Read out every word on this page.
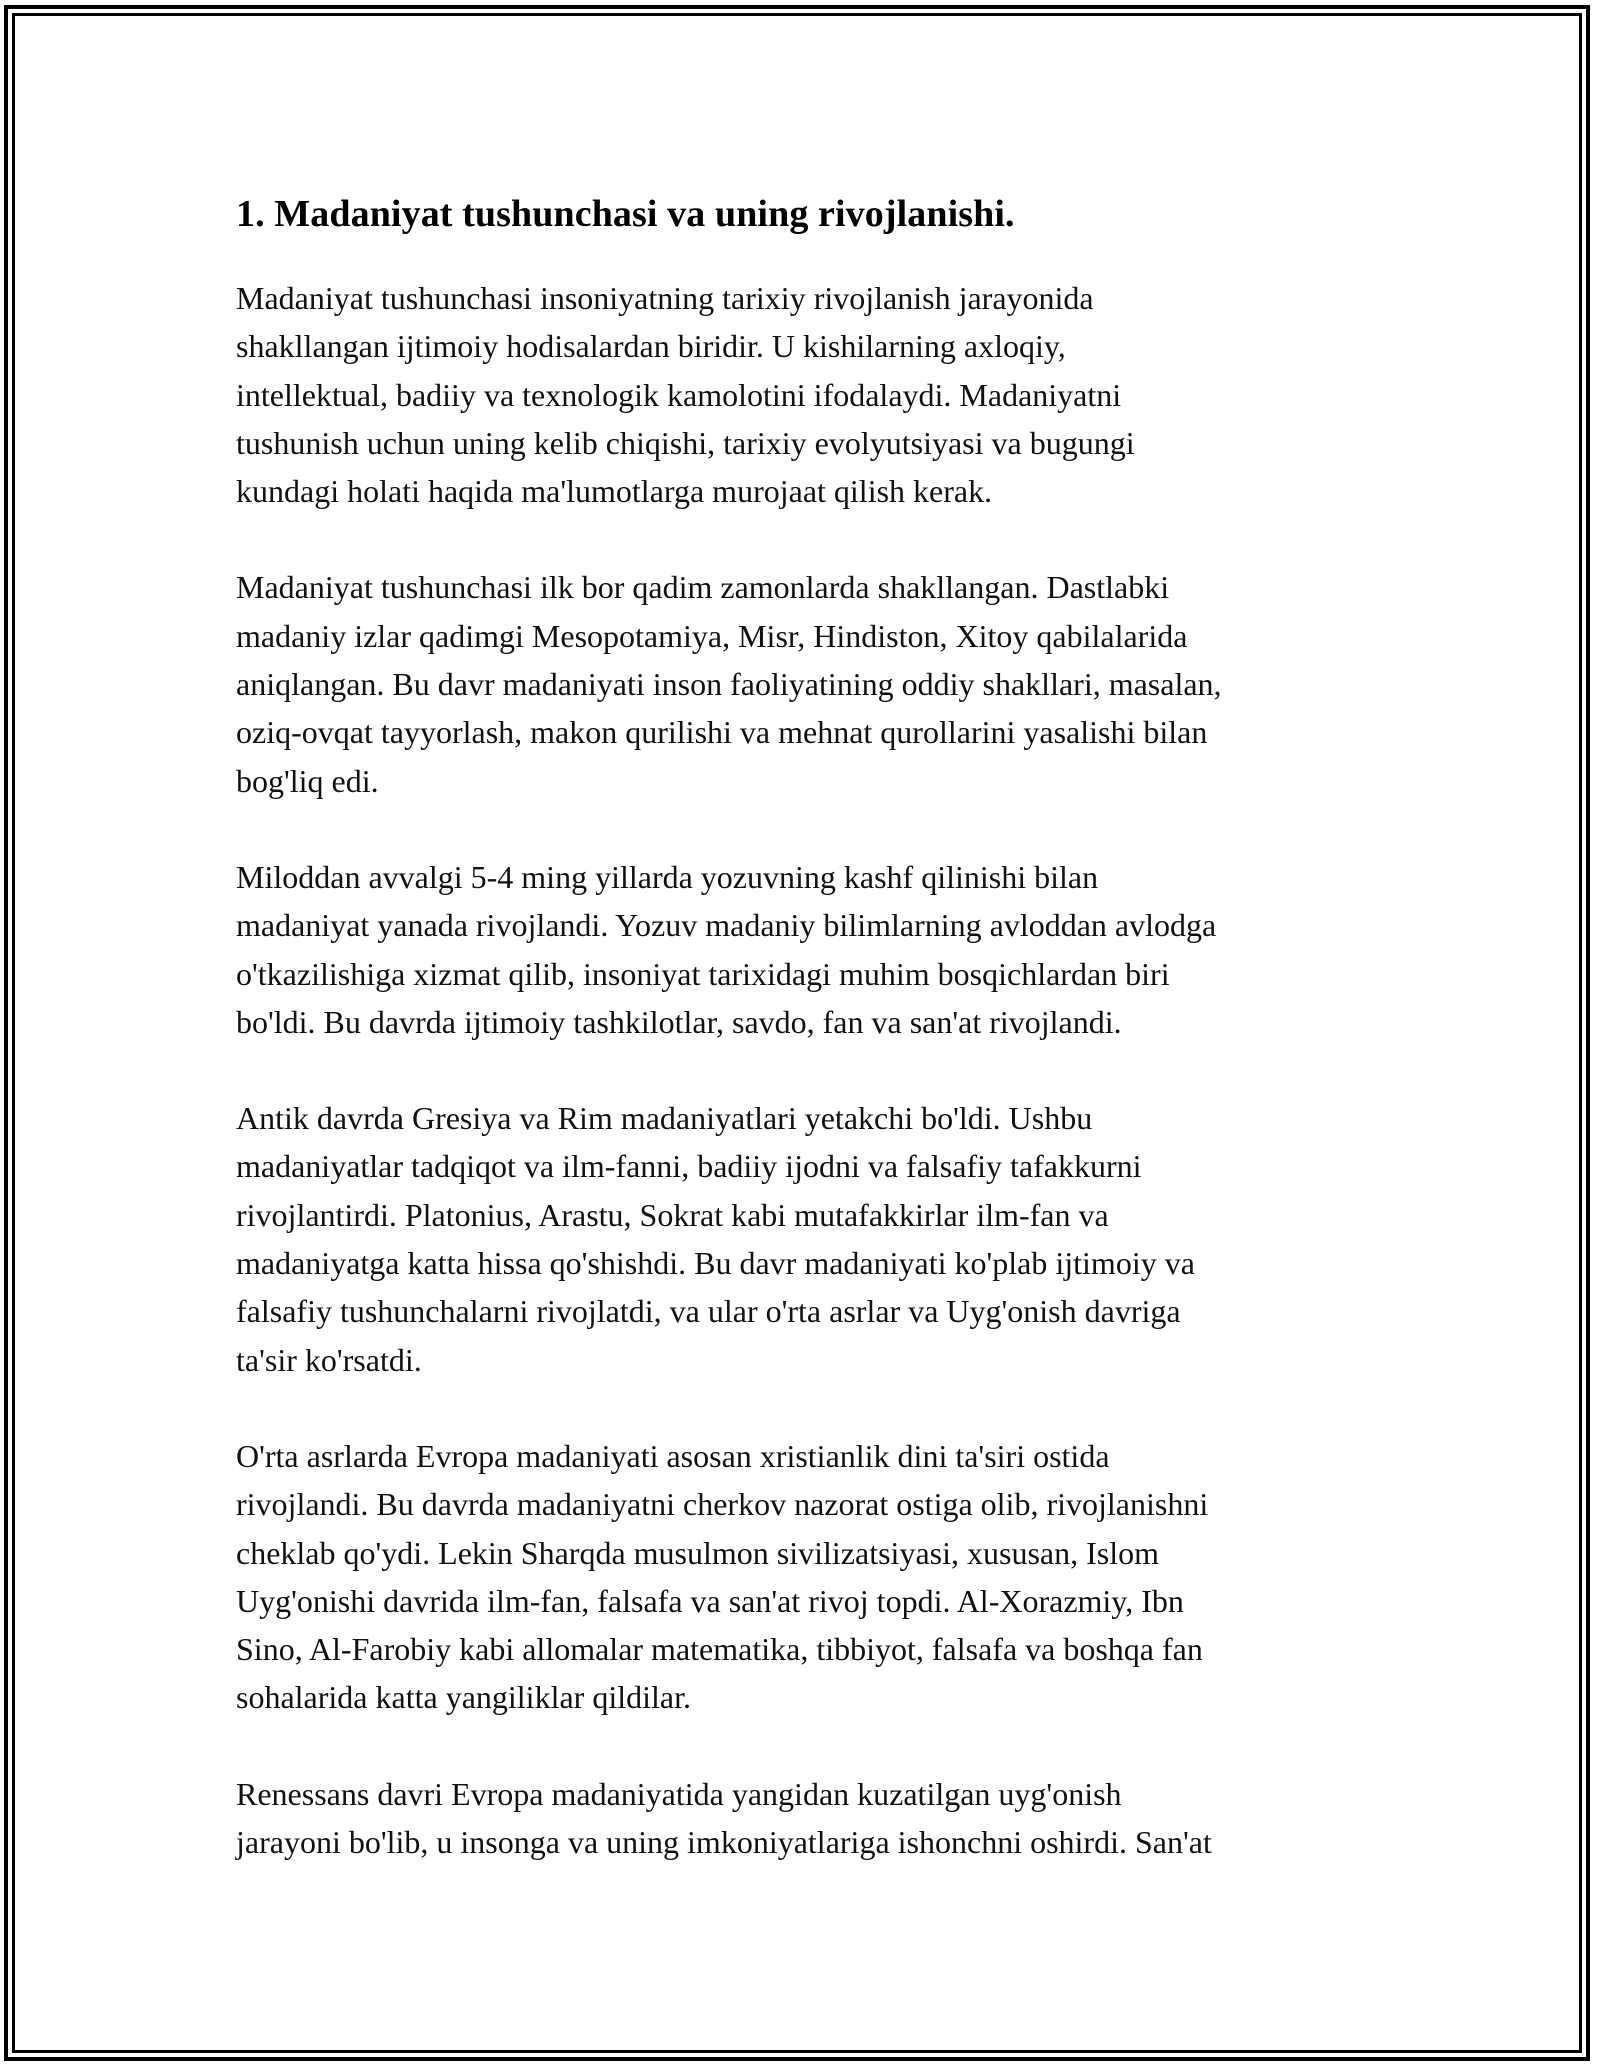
1. Madaniyat tushunchasi va uning rivojlanishi.

Madaniyat tushunchasi insoniyatning tarixiy rivojlanish jarayonida
shakllangan ijtimoiy hodisalardan biridir. U kishilarning axloqiy,
intellektual, badiiy va texnologik kamolotini ifodalaydi. Madaniyatni
tushunish uchun uning kelib chiqishi, tarixiy evolyutsiyasi va bugungi
kundagi holati haqida ma'lumotlarga murojaat qilish kerak.

Madaniyat tushunchasi ilk bor qadim zamonlarda shakllangan. Dastlabki
madaniy izlar qadimgi Mesopotamiya, Misr, Hindiston, Xitoy qabilalarida
aniqlangan. Bu davr madaniyati inson faoliyatining oddiy shakllari, masalan,
oziq-ovqat tayyorlash, makon qurilishi va mehnat qurollarini yasalishi bilan
bog'liq edi.

Miloddan avvalgi 5-4 ming yillarda yozuvning kashf qilinishi bilan
madaniyat yanada rivojlandi. Yozuv madaniy bilimlarning avloddan avlodga
o'tkazilishiga xizmat qilib, insoniyat tarixidagi muhim bosqichlardan biri
bo'ldi. Bu davrda ijtimoiy tashkilotlar, savdo, fan va san'at rivojlandi.

Antik davrda Gresiya va Rim madaniyatlari yetakchi bo'ldi. Ushbu
madaniyatlar tadqiqot va ilm-fanni, badiiy ijodni va falsafiy tafakkurni
rivojlantirdi. Platonius, Arastu, Sokrat kabi mutafakkirlar ilm-fan va
madaniyatga katta hissa qo'shishdi. Bu davr madaniyati ko'plab ijtimoiy va
falsafiy tushunchalarni rivojlatdi, va ular o'rta asrlar va Uyg'onish davriga
ta'sir ko'rsatdi.

O'rta asrlarda Evropa madaniyati asosan xristianlik dini ta'siri ostida
rivojlandi. Bu davrda madaniyatni cherkov nazorat ostiga olib, rivojlanishni
cheklab qo'ydi. Lekin Sharqda musulmon sivilizatsiyasi, xususan, Islom
Uyg'onishi davrida ilm-fan, falsafa va san'at rivoj topdi. Al-Xorazmiy, Ibn
Sino, Al-Farobiy kabi allomalar matematika, tibbiyot, falsafa va boshqa fan
sohalarida katta yangiliklar qildilar.

Renessans davri Evropa madaniyatida yangidan kuzatilgan uyg'onish
jarayoni bo'lib, u insonga va uning imkoniyatlariga ishonchni oshirdi. San'at
